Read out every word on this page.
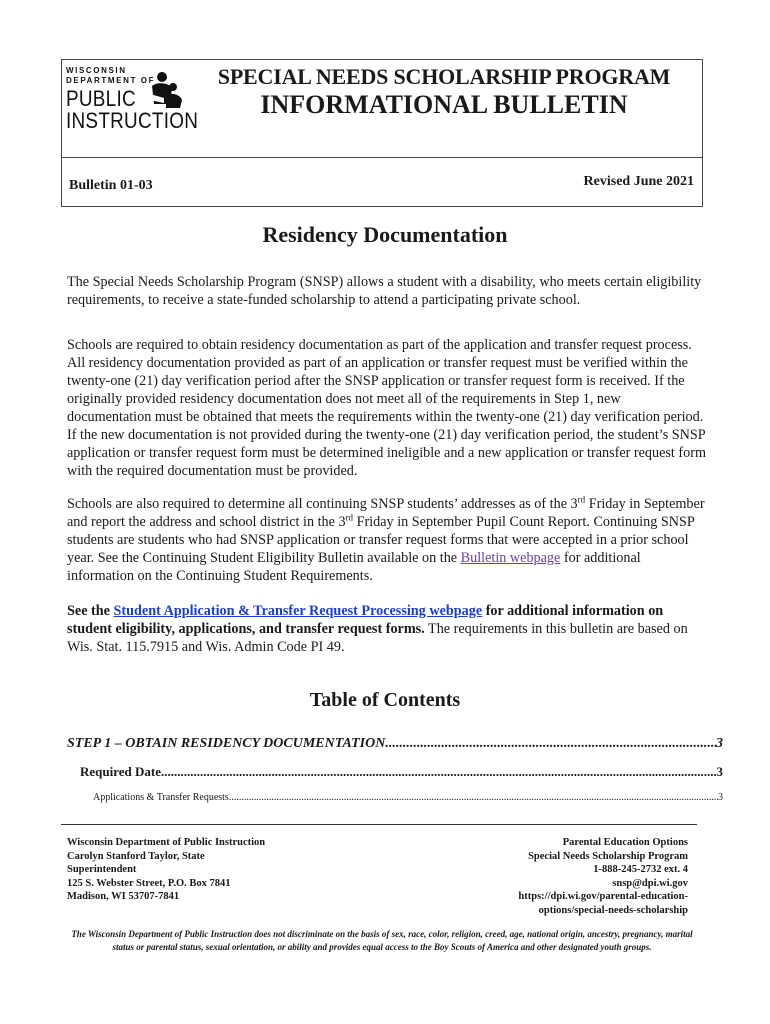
WISCONSIN
DEPARTMENT OF
PUBLIC
INSTRUCTION
SPECIAL NEEDS SCHOLARSHIP PROGRAM
INFORMATIONAL BULLETIN
Bulletin 01-03	Revised June 2021
Residency Documentation

The Special Needs Scholarship Program (SNSP) allows a student with a disability, who meets certain eligibility requirements, to receive a state-funded scholarship to attend a participating private school.

Schools are required to obtain residency documentation as part of the application and transfer request process. All residency documentation provided as part of an application or transfer request must be verified within the twenty-one (21) day verification period after the SNSP application or transfer request form is received. If the originally provided residency documentation does not meet all of the requirements in Step 1, new documentation must be obtained that meets the requirements within the twenty-one (21) day verification period. If the new documentation is not provided during the twenty-one (21) day verification period, the student’s SNSP application or transfer request form must be determined ineligible and a new application or transfer request form with the required documentation must be provided.

Schools are also required to determine all continuing SNSP students’ addresses as of the 3rd Friday in September and report the address and school district in the 3rd Friday in September Pupil Count Report. Continuing SNSP students are students who had SNSP application or transfer request forms that were accepted in a prior school year. See the Continuing Student Eligibility Bulletin available on the Bulletin webpage for additional information on the Continuing Student Requirements.

See the Student Application & Transfer Request Processing webpage for additional information on student eligibility, applications, and transfer request forms. The requirements in this bulletin are based on Wis. Stat. 115.7915 and Wis. Admin Code PI 49.

Table of Contents
STEP 1 – OBTAIN RESIDENCY DOCUMENTATION .....	3
Required Date .....	3
Applications & Transfer Requests .....	3
Wisconsin Department of Public Instruction
Carolyn Stanford Taylor, State
Superintendent
125 S. Webster Street, P.O. Box 7841
Madison, WI 53707-7841
Parental Education Options
Special Needs Scholarship Program
1-888-245-2732 ext. 4
snsp@dpi.wi.gov
https://dpi.wi.gov/parental-education-
options/special-needs-scholarship
The Wisconsin Department of Public Instruction does not discriminate on the basis of sex, race, color, religion, creed, age, national origin, ancestry, pregnancy, marital status or parental status, sexual orientation, or ability and provides equal access to the Boy Scouts of America and other designated youth groups.
